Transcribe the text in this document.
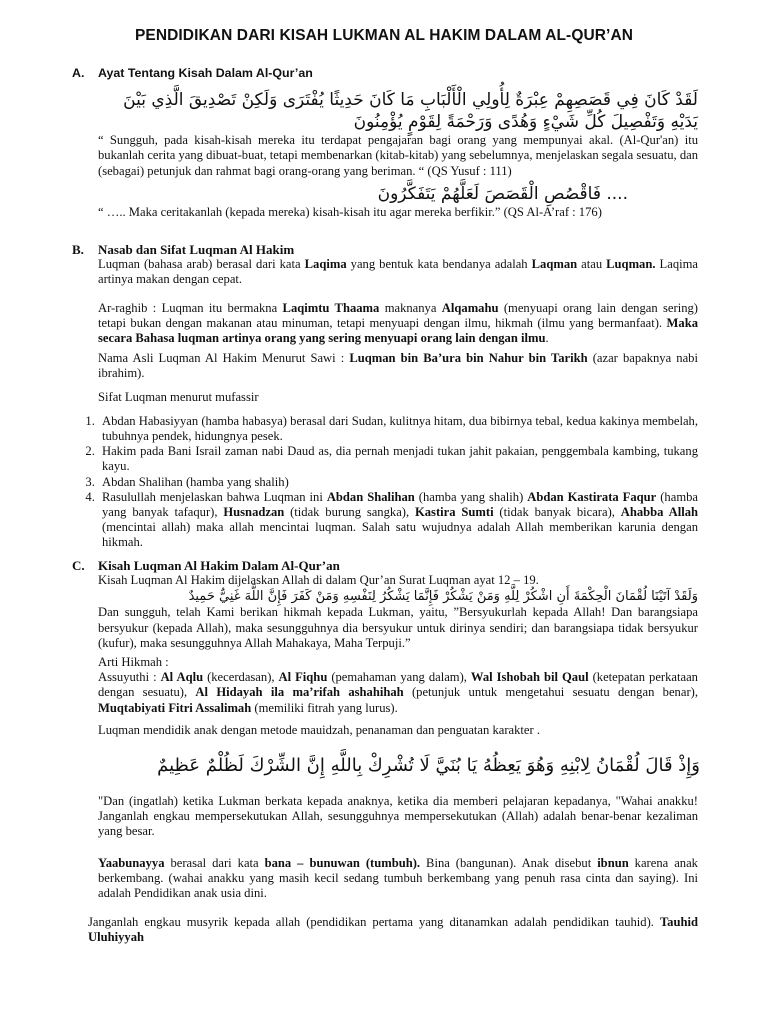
PENDIDIKAN DARI KISAH LUKMAN AL HAKIM DALAM AL-QUR’AN
A. Ayat Tentang Kisah Dalam Al-Qur’an
لَقَدْ كَانَ فِي قَصَصِهِمْ عِبْرَةٌ لِأُولِي الْأَلْبَابِ مَا كَانَ حَدِيثًا يُفْتَرَى وَلَكِنْ تَصْدِيقَ الَّذِي بَيْنَ يَدَيْهِ وَتَفْصِيلَ كُلِّ شَيْءٍ وَهُدًى وَرَحْمَةً لِقَوْمٍ يُؤْمِنُونَ

“ Sungguh, pada kisah-kisah mereka itu terdapat pengajaran bagi orang yang mempunyai akal. (Al-Qur'an) itu bukanlah cerita yang dibuat-buat, tetapi membenarkan (kitab-kitab) yang sebelumnya, menjelaskan segala sesuatu, dan (sebagai) petunjuk dan rahmat bagi orang-orang yang beriman. “ (QS Yusuf : 111)

.... فَاقْصُصِ الْقَصَصَ لَعَلَّهُمْ يَتَفَكَّرُونَ

“ ….. Maka ceritakanlah (kepada mereka) kisah-kisah itu agar mereka berfikir.” (QS Al-A’raf : 176)

B. Nasab dan Sifat Luqman Al Hakim

Luqman (bahasa arab) berasal dari kata Laqima yang bentuk kata bendanya adalah Laqman atau Luqman. Laqima artinya makan dengan cepat.

Ar-raghib : Luqman itu bermakna Laqimtu Thaama maknanya Alqamahu (menyuapi orang lain dengan sering) tetapi bukan dengan makanan atau minuman, tetapi menyuapi dengan ilmu, hikmah (ilmu yang bermanfaat). Maka secara Bahasa luqman artinya orang yang sering menyuapi orang lain dengan ilmu.

Nama Asli Luqman Al Hakim Menurut Sawi : Luqman bin Ba’ura bin Nahur bin Tarikh (azar bapaknya nabi ibrahim).

Sifat Luqman menurut mufassir

1. Abdan Habasiyyan (hamba habasya) berasal dari Sudan, kulitnya hitam, dua bibirnya tebal, kedua kakinya membelah, tubuhnya pendek, hidungnya pesek.
2. Hakim pada Bani Israil zaman nabi Daud as, dia pernah menjadi tukan jahit pakaian, penggembala kambing, tukang kayu.
3. Abdan Shalihan (hamba yang shalih)
4. Rasulullah menjelaskan bahwa Luqman ini Abdan Shalihan (hamba yang shalih) Abdan Kastirata Faqur (hamba yang banyak tafaqur), Husnadzan (tidak burung sangka), Kastira Sumti (tidak banyak bicara), Ahabba Allah (mencintai allah) maka allah mencintai luqman. Salah satu wujudnya adalah Allah memberikan karunia dengan hikmah.
C. Kisah Luqman Al Hakim Dalam Al-Qur’an

Kisah Luqman Al Hakim dijelaskan Allah di dalam Qur’an Surat Luqman ayat 12 – 19.

وَلَقَدْ آتَيْنَا لُقْمَانَ الْحِكْمَةَ أَنِ اشْكُرْ لِلَّهِ وَمَنْ يَشْكُرْ فَإِنَّمَا يَشْكُرُ لِنَفْسِهِ وَمَنْ كَفَرَ فَإِنَّ اللَّهَ غَنِيٌّ حَمِيدٌ

Dan sungguh, telah Kami berikan hikmah kepada Lukman, yaitu, ”Bersyukurlah kepada Allah! Dan barangsiapa bersyukur (kepada Allah), maka sesungguhnya dia bersyukur untuk dirinya sendiri; dan barangsiapa tidak bersyukur (kufur), maka sesungguhnya Allah Mahakaya, Maha Terpuji.”

Arti Hikmah :

Assuyuthi : Al Aqlu (kecerdasan), Al Fiqhu (pemahaman yang dalam), Wal Ishobah bil Qaul (ketepatan perkataan dengan sesuatu), Al Hidayah ila ma’rifah ashahihah (petunjuk untuk mengetahui sesuatu dengan benar), Muqtabiyati Fitri Assalimah (memiliki fitrah yang lurus).

Luqman mendidik anak dengan metode mauidzah, penanaman dan penguatan karakter .

وَإِذْ قَالَ لُقْمَانُ لِابْنِهِ وَهُوَ يَعِظُهُ يَا بُنَيَّ لَا تُشْرِكْ بِاللَّهِ إِنَّ الشِّرْكَ لَظُلْمٌ عَظِيمٌ

"Dan (ingatlah) ketika Lukman berkata kepada anaknya, ketika dia memberi pelajaran kepadanya, "Wahai anakku! Janganlah engkau mempersekutukan Allah, sesungguhnya mempersekutukan (Allah) adalah benar-benar kezaliman yang besar.

Yaabunayya berasal dari kata bana – bunuwan (tumbuh). Bina (bangunan). Anak disebut ibnun karena anak berkembang. (wahai anakku yang masih kecil sedang tumbuh berkembang yang penuh rasa cinta dan saying). Ini adalah Pendidikan anak usia dini.

Janganlah engkau musyrik kepada allah (pendidikan pertama yang ditanamkan adalah pendidikan tauhid). Tauhid Uluhiyyah
